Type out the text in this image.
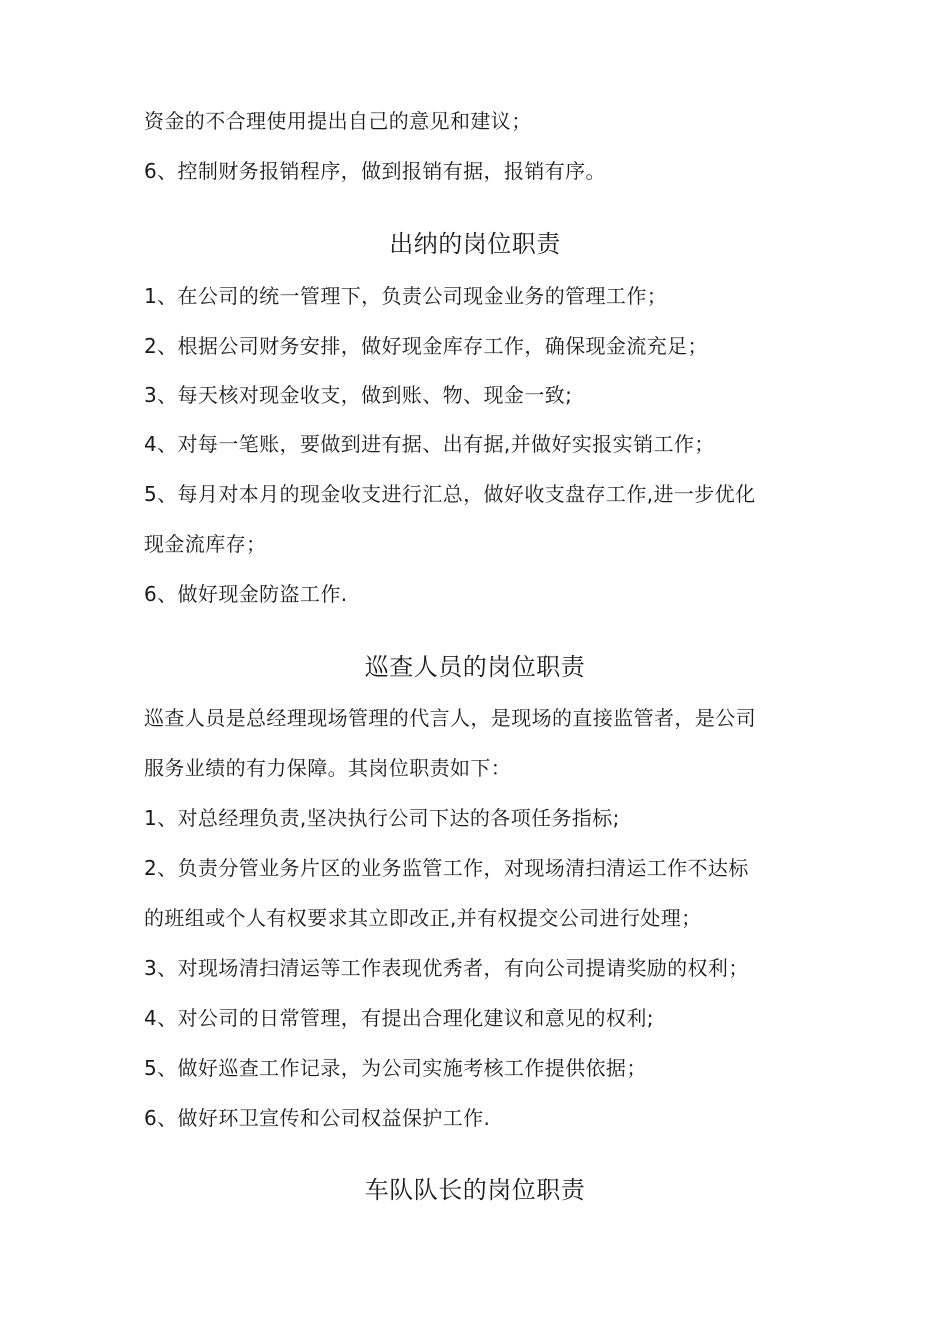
资金的不合理使用提出自己的意见和建议；
6、控制财务报销程序，做到报销有据，报销有序。
出纳的岗位职责
1、在公司的统一管理下，负责公司现金业务的管理工作；
2、根据公司财务安排，做好现金库存工作，确保现金流充足；
3、每天核对现金收支，做到账、物、现金一致;
4、对每一笔账，要做到进有据、出有据,并做好实报实销工作；
5、每月对本月的现金收支进行汇总，做好收支盘存工作,进一步优化
现金流库存；
6、做好现金防盗工作.
巡查人员的岗位职责
巡查人员是总经理现场管理的代言人，是现场的直接监管者，是公司
服务业绩的有力保障。其岗位职责如下：
1、对总经理负责,坚决执行公司下达的各项任务指标;
2、负责分管业务片区的业务监管工作，对现场清扫清运工作不达标
的班组或个人有权要求其立即改正,并有权提交公司进行处理；
3、对现场清扫清运等工作表现优秀者，有向公司提请奖励的权利；
4、对公司的日常管理，有提出合理化建议和意见的权利;
5、做好巡查工作记录，为公司实施考核工作提供依据；
6、做好环卫宣传和公司权益保护工作.
车队队长的岗位职责
